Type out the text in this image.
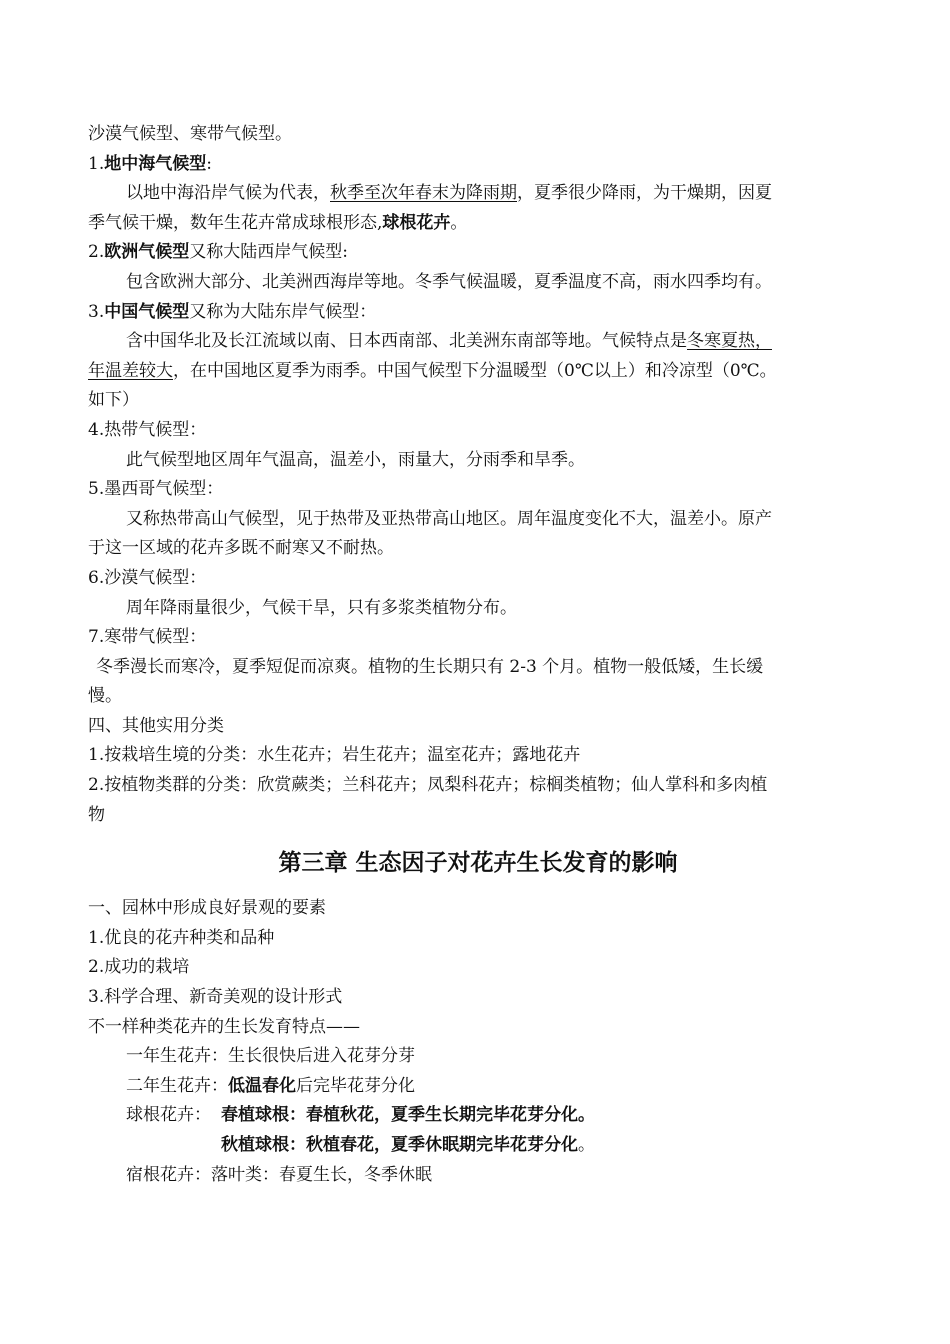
沙漠气候型、寒带气候型。
1.地中海气候型:
以地中海沿岸气候为代表，秋季至次年春末为降雨期，夏季很少降雨，为干燥期，因夏
季气候干燥，数年生花卉常成球根形态,球根花卉。
2.欧洲气候型又称大陆西岸气候型:
包含欧洲大部分、北美洲西海岸等地。冬季气候温暖，夏季温度不高，雨水四季均有。
3.中国气候型又称为大陆东岸气候型：
含中国华北及长江流域以南、日本西南部、北美洲东南部等地。气候特点是冬寒夏热，
年温差较大，在中国地区夏季为雨季。中国气候型下分温暖型（0℃以上）和冷凉型（0℃。
如下）
4.热带气候型：
此气候型地区周年气温高，温差小，雨量大，分雨季和旱季。
5.墨西哥气候型：
又称热带高山气候型，见于热带及亚热带高山地区。周年温度变化不大，温差小。原产
于这一区域的花卉多既不耐寒又不耐热。
6.沙漠气候型：
周年降雨量很少，气候干旱，只有多浆类植物分布。
7.寒带气候型：
冬季漫长而寒冷，夏季短促而凉爽。植物的生长期只有 2-3 个月。植物一般低矮，生长缓
慢。
四、其他实用分类
1.按栽培生境的分类：水生花卉；岩生花卉；温室花卉；露地花卉
2.按植物类群的分类：欣赏蕨类；兰科花卉；凤梨科花卉；棕榈类植物；仙人掌科和多肉植
物
第三章 生态因子对花卉生长发育的影响
一、园林中形成良好景观的要素
1.优良的花卉种类和品种
2.成功的栽培
3.科学合理、新奇美观的设计形式
不一样种类花卉的生长发育特点——
一年生花卉：生长很快后进入花芽分芽
二年生花卉：低温春化后完毕花芽分化
球根花卉： 春植球根：春植秋花，夏季生长期完毕花芽分化。
秋植球根：秋植春花，夏季休眠期完毕花芽分化。
宿根花卉：落叶类：春夏生长，冬季休眠
